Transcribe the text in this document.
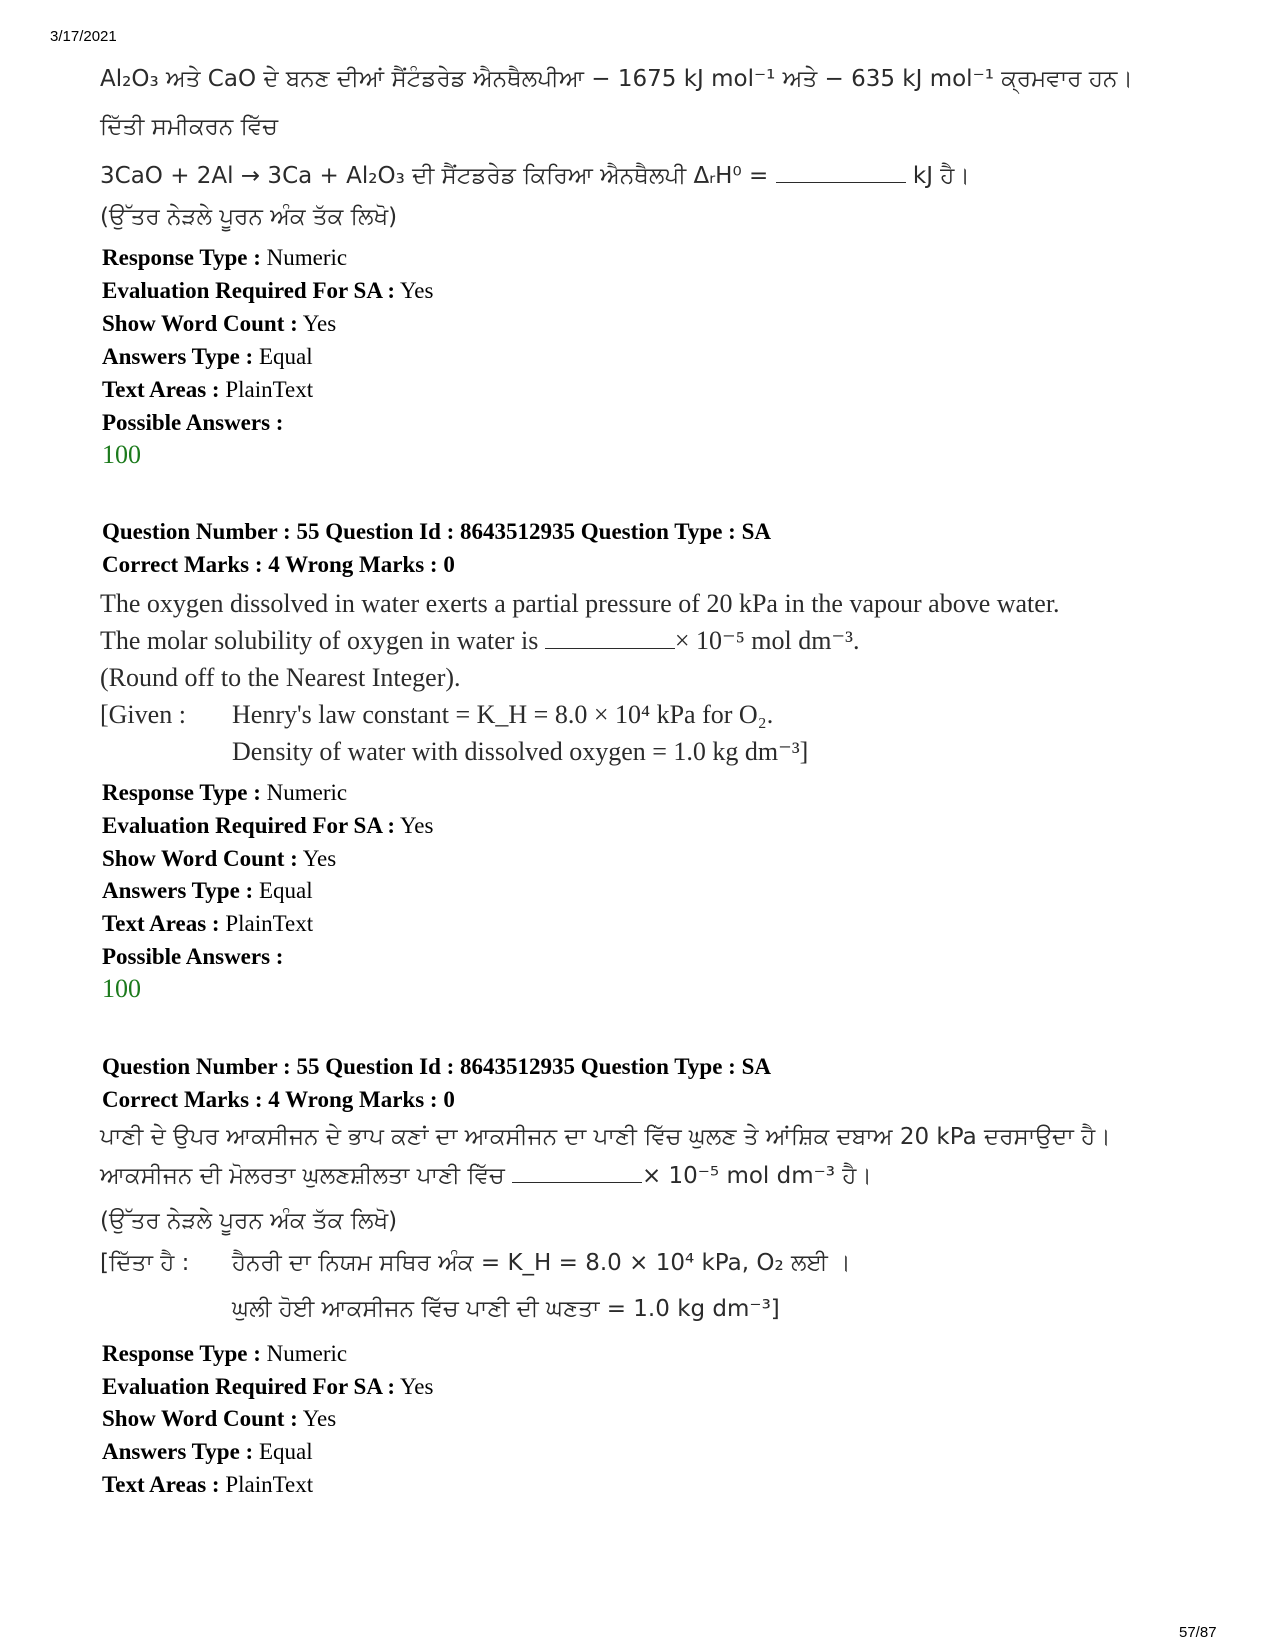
3/17/2021
Al₂O₃ ਅਤੇ CaO ਦੇ ਬਨਣ ਦੀਆਂ ਸੈਂਟੰਡਰੇਡ ਐਨਥੈਲਪੀਆ − 1675 kJ mol⁻¹ ਅਤੇ − 635 kJ mol⁻¹ ਕ੍ਰਮਵਾਰ ਹਨ।
ਦਿੱਤੀ ਸਮੀਕਰਨ ਵਿੱਚ
3CaO + 2Al → 3Ca + Al₂O₃ ਦੀ ਸੈਂਟਡਰੇਡ ਕਿਰਿਆ ਐਨਥੈਲਪੀ ΔᵣH⁰ =	kJ ਹੈ।
(ਉੱਤਰ ਨੇੜਲੇ ਪੂਰਨ ਅੰਕ ਤੱਕ ਲਿਖੋ)
Response Type : Numeric
Evaluation Required For SA : Yes
Show Word Count : Yes
Answers Type : Equal
Text Areas : PlainText
Possible Answers :
100
Question Number : 55 Question Id : 8643512935 Question Type : SA
Correct Marks : 4 Wrong Marks : 0
The oxygen dissolved in water exerts a partial pressure of 20 kPa in the vapour above water.
The molar solubility of oxygen in water is	× 10⁻⁵ mol dm⁻³.
(Round off to the Nearest Integer).
[Given : Henry's law constant = K_H = 8.0 × 10⁴ kPa for O₂.
Density of water with dissolved oxygen = 1.0 kg dm⁻³]
Response Type : Numeric
Evaluation Required For SA : Yes
Show Word Count : Yes
Answers Type : Equal
Text Areas : PlainText
Possible Answers :
100
Question Number : 55 Question Id : 8643512935 Question Type : SA
Correct Marks : 4 Wrong Marks : 0
ਪਾਣੀ ਦੇ ਉਪਰ ਆਕਸੀਜਨ ਦੇ ਭਾਪ ਕਣਾਂ ਦਾ ਆਕਸੀਜਨ ਦਾ ਪਾਣੀ ਵਿੱਚ ਘੁਲਣ ਤੇ ਆਂਸ਼ਿਕ ਦਬਾਅ 20 kPa ਦਰਸਾਉਦਾ ਹੈ।
ਆਕਸੀਜਨ ਦੀ ਮੋਲਰਤਾ ਘੁਲਣਸ਼ੀਲਤਾ ਪਾਣੀ ਵਿੱਚ	× 10⁻⁵ mol dm⁻³ ਹੈ।
(ਉੱਤਰ ਨੇੜਲੇ ਪੂਰਨ ਅੰਕ ਤੱਕ ਲਿਖੋ)
[ਦਿੱਤਾ ਹੈ : ਹੈਨਰੀ ਦਾ ਨਿਯਮ ਸਥਿਰ ਅੰਕ = K_H = 8.0 × 10⁴ kPa, O₂ ਲਈ ।
ਘੁਲੀ ਹੋਈ ਆਕਸੀਜਨ ਵਿੱਚ ਪਾਣੀ ਦੀ ਘਣਤਾ = 1.0 kg dm⁻³]
Response Type : Numeric
Evaluation Required For SA : Yes
Show Word Count : Yes
Answers Type : Equal
Text Areas : PlainText
57/87
